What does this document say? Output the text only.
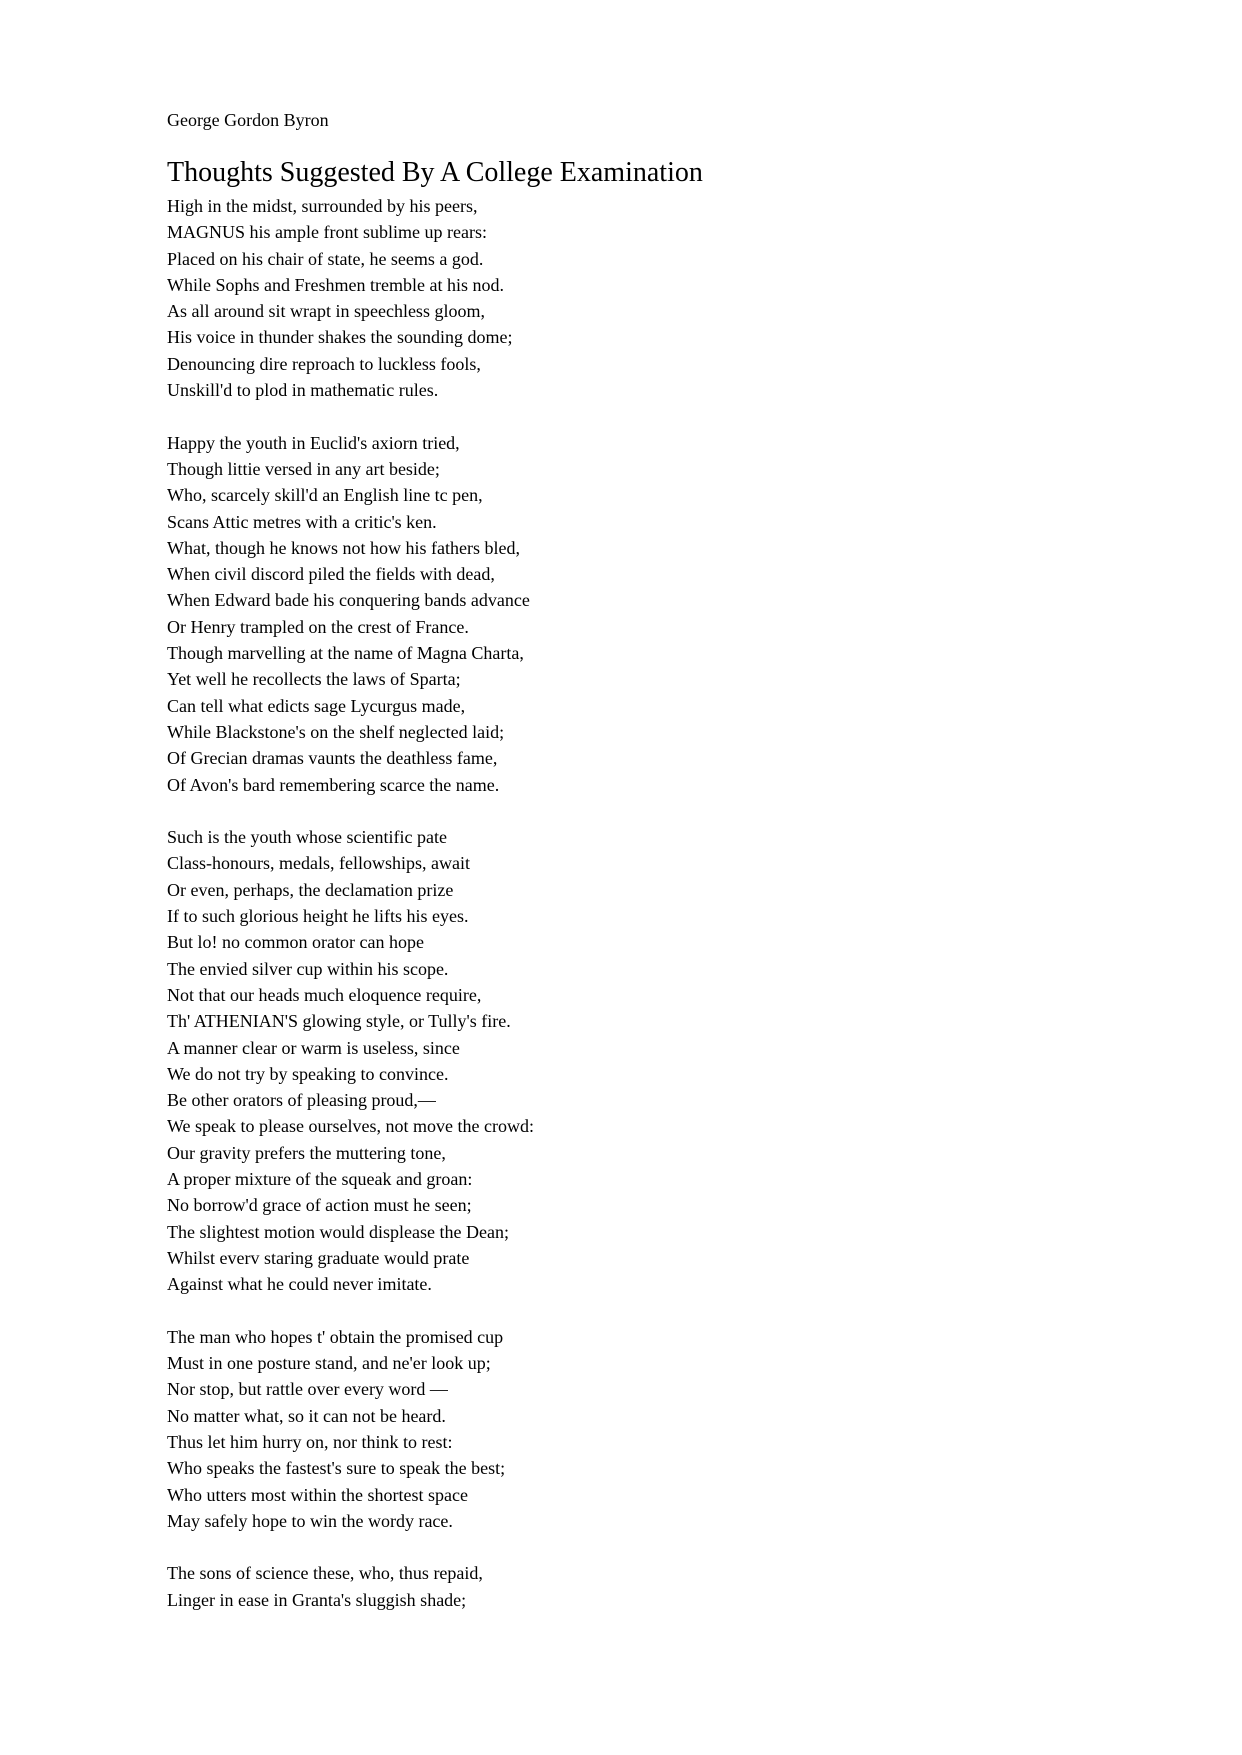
George Gordon Byron

Thoughts Suggested By A College Examination

High in the midst, surrounded by his peers,
MAGNUS his ample front sublime up rears:
Placed on his chair of state, he seems a god.
While Sophs and Freshmen tremble at his nod.
As all around sit wrapt in speechless gloom,
His voice in thunder shakes the sounding dome;
Denouncing dire reproach to luckless fools,
Unskill'd to plod in mathematic rules.

Happy the youth in Euclid's axiorn tried,
Though littie versed in any art beside;
Who, scarcely skill'd an English line tc pen,
Scans Attic metres with a critic's ken.
What, though he knows not how his fathers bled,
When civil discord piled the fields with dead,
When Edward bade his conquering bands advance
Or Henry trampled on the crest of France.
Though marvelling at the name of Magna Charta,
Yet well he recollects the laws of Sparta;
Can tell what edicts sage Lycurgus made,
While Blackstone's on the shelf neglected laid;
Of Grecian dramas vaunts the deathless fame,
Of Avon's bard remembering scarce the name.

Such is the youth whose scientific pate
Class-honours, medals, fellowships, await
Or even, perhaps, the declamation prize
If to such glorious height he lifts his eyes.
But lo! no common orator can hope
The envied silver cup within his scope.
Not that our heads much eloquence require,
Th' ATHENIAN'S glowing style, or Tully's fire.
A manner clear or warm is useless, since
We do not try by speaking to convince.
Be other orators of pleasing proud,—
We speak to please ourselves, not move the crowd:
Our gravity prefers the muttering tone,
A proper mixture of the squeak and groan:
No borrow'd grace of action must he seen;
The slightest motion would displease the Dean;
Whilst everv staring graduate would prate
Against what he could never imitate.

The man who hopes t' obtain the promised cup
Must in one posture stand, and ne'er look up;
Nor stop, but rattle over every word —
No matter what, so it can not be heard.
Thus let him hurry on, nor think to rest:
Who speaks the fastest's sure to speak the best;
Who utters most within the shortest space
May safely hope to win the wordy race.

The sons of science these, who, thus repaid,
Linger in ease in Granta's sluggish shade;
